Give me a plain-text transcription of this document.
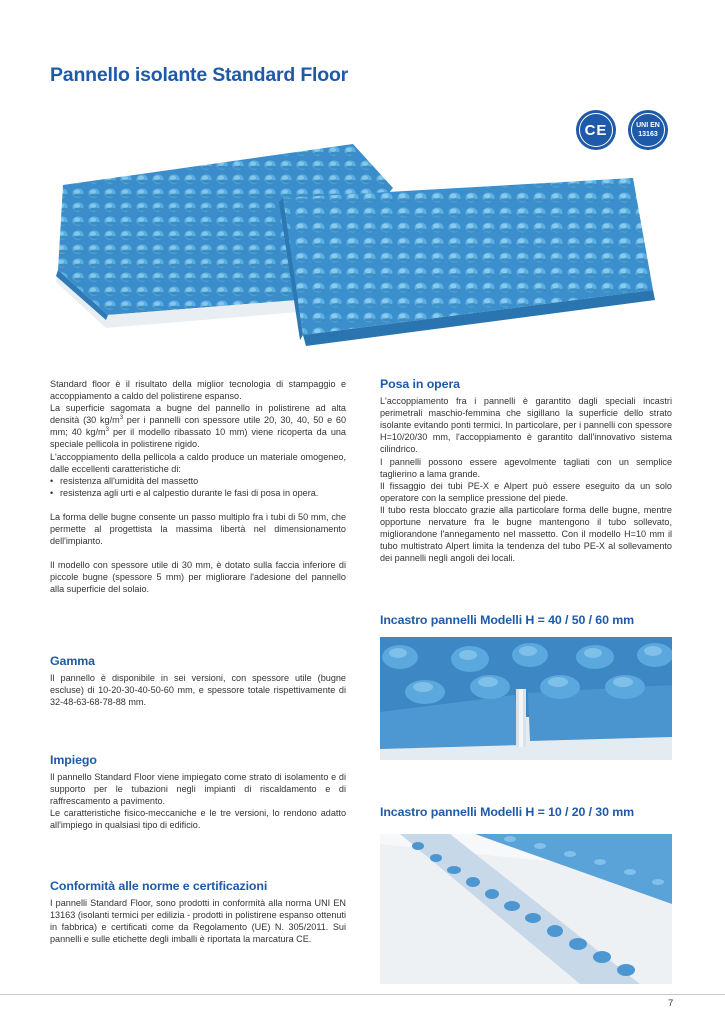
Pannello isolante Standard Floor
CE	UNI EN
13163

Standard floor è il risultato della miglior tecnologia di stampaggio e accoppiamento a caldo del polistirene espanso.

La superficie sagomata a bugne del pannello in polistirene ad alta densità (30 $kg/m^3$ per i pannelli con spessore utile 20, 30, 40, 50 e 60 mm; 40 $kg/m^3$ per il modello ribassato 10 mm) viene ricoperta da una speciale pellicola in polistirene rigido.

L'accoppiamento della pellicola a caldo produce un materiale omogeneo, dalle eccellenti caratteristiche di:

• resistenza all'umidità del massetto
• resistenza agli urti e al calpestio durante le fasi di posa in opera.

La forma delle bugne consente un passo multiplo fra i tubi di 50 mm, che permette al progettista la massima libertà nel dimensionamento dell'impianto.

Il modello con spessore utile di 30 mm, è dotato sulla faccia inferiore di piccole bugne (spessore 5 mm) per migliorare l'adesione del pannello alla superficie del solaio.

Gamma

Il pannello è disponibile in sei versioni, con spessore utile (bugne escluse) di 10-20-30-40-50-60 mm, e spessore totale rispettivamente di 32-48-63-68-78-88 mm.

Impiego

Il pannello Standard Floor viene impiegato come strato di isolamento e di supporto per le tubazioni negli impianti di riscaldamento e di raffrescamento a pavimento.

Le caratteristiche fisico-meccaniche e le tre versioni, lo rendono adatto all'impiego in qualsiasi tipo di edificio.

Conformità alle norme e certificazioni

I pannelli Standard Floor, sono prodotti in conformità alla norma UNI EN 13163 (isolanti termici per edilizia - prodotti in polistirene espanso ottenuti in fabbrica) e certificati come da Regolamento (UE) N. 305/2011. Sui pannelli e sulle etichette degli imballi è riportata la marcatura CE.

Posa in opera

L'accoppiamento fra i pannelli è garantito dagli speciali incastri perimetrali maschio-femmina che sigillano la superficie dello strato isolante evitando ponti termici. In particolare, per i pannelli con spessore H=10/20/30 mm, l'accoppiamento è garantito dall'innovativo sistema cilindrico.

I pannelli possono essere agevolmente tagliati con un semplice taglierino a lama grande.

Il fissaggio dei tubi PE-X e Alpert può essere eseguito da un solo operatore con la semplice pressione del piede.

Il tubo resta bloccato grazie alla particolare forma delle bugne, mentre opportune nervature fra le bugne mantengono il tubo sollevato, migliorandone l'annegamento nel massetto. Con il modello H=10 mm il tubo multistrato Alpert limita la tendenza del tubo PE-X al sollevamento dei pannelli negli angoli dei locali.

Incastro pannelli Modelli H = 40 / 50 / 60 mm
Incastro pannelli Modelli H = 10 / 20 / 30 mm
7
